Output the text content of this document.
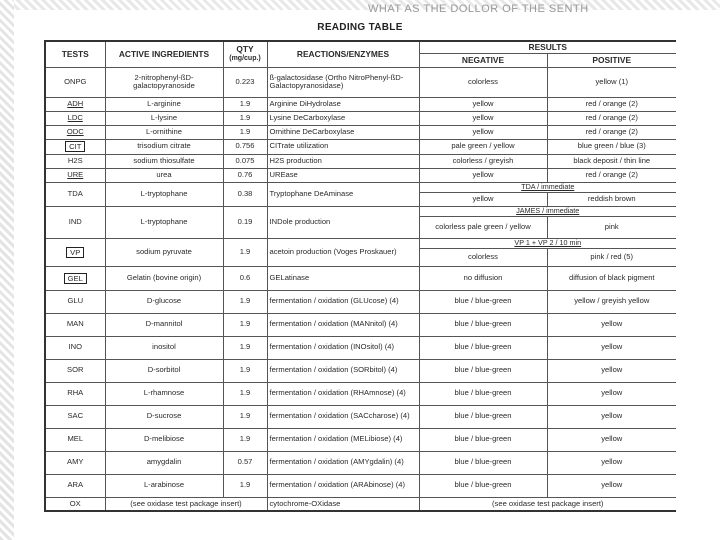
WHAT AS THE DOLLOR OF THE SENTH
READING TABLE
TESTS	ACTIVE INGREDIENTS	QTY
(mg/cup.)	REACTIONS/ENZYMES	RESULTS	
				NEGATIVE	POSITIVE
ONPG	2-nitrophenyl-ßD-galactopyranoside	0.223	ß-galactosidase (Ortho NitroPhenyl-ßD-Galactopyranosidase)	colorless	yellow (1)
ADH	L-arginine	1.9	Arginine DiHydrolase	yellow	red / orange (2)
LDC	L-lysine	1.9	Lysine DeCarboxylase	yellow	red / orange (2)
ODC	L-ornithine	1.9	Ornithine DeCarboxylase	yellow	red / orange (2)
CIT	trisodium citrate	0.756	CITrate utilization	pale green / yellow	blue green / blue (3)
H2S	sodium thiosulfate	0.075	H2S production	colorless / greyish	black deposit / thin line
URE	urea	0.76	UREase	yellow	red / orange (2)
TDA	L-tryptophane	0.38	Tryptophane DeAminase	TDA / immediate	
				yellow	reddish brown
IND	L-tryptophane	0.19	INDole production	JAMES / immediate	
				colorless pale green / yellow	pink
VP	sodium pyruvate	1.9	acetoin production (Voges Proskauer)	VP 1 + VP 2 / 10 min	
				colorless	pink / red (5)
GEL	Gelatin (bovine origin)	0.6	GELatinase	no diffusion	diffusion of black pigment
GLU	D-glucose	1.9	fermentation / oxidation (GLUcose) (4)	blue / blue-green	yellow / greyish yellow
MAN	D-mannitol	1.9	fermentation / oxidation (MANnitol) (4)	blue / blue-green	yellow
INO	inositol	1.9	fermentation / oxidation (INOsitol) (4)	blue / blue-green	yellow
SOR	D-sorbitol	1.9	fermentation / oxidation (SORbitol) (4)	blue / blue-green	yellow
RHA	L-rhamnose	1.9	fermentation / oxidation (RHAmnose) (4)	blue / blue-green	yellow
SAC	D-sucrose	1.9	fermentation / oxidation (SACcharose) (4)	blue / blue-green	yellow
MEL	D-melibiose	1.9	fermentation / oxidation (MELibiose) (4)	blue / blue-green	yellow
AMY	amygdalin	0.57	fermentation / oxidation (AMYgdalin) (4)	blue / blue-green	yellow
ARA	L-arabinose	1.9	fermentation / oxidation (ARAbinose) (4)	blue / blue-green	yellow
OX	(see oxidase test package insert)		cytochrome-OXidase	(see oxidase test package insert)	
